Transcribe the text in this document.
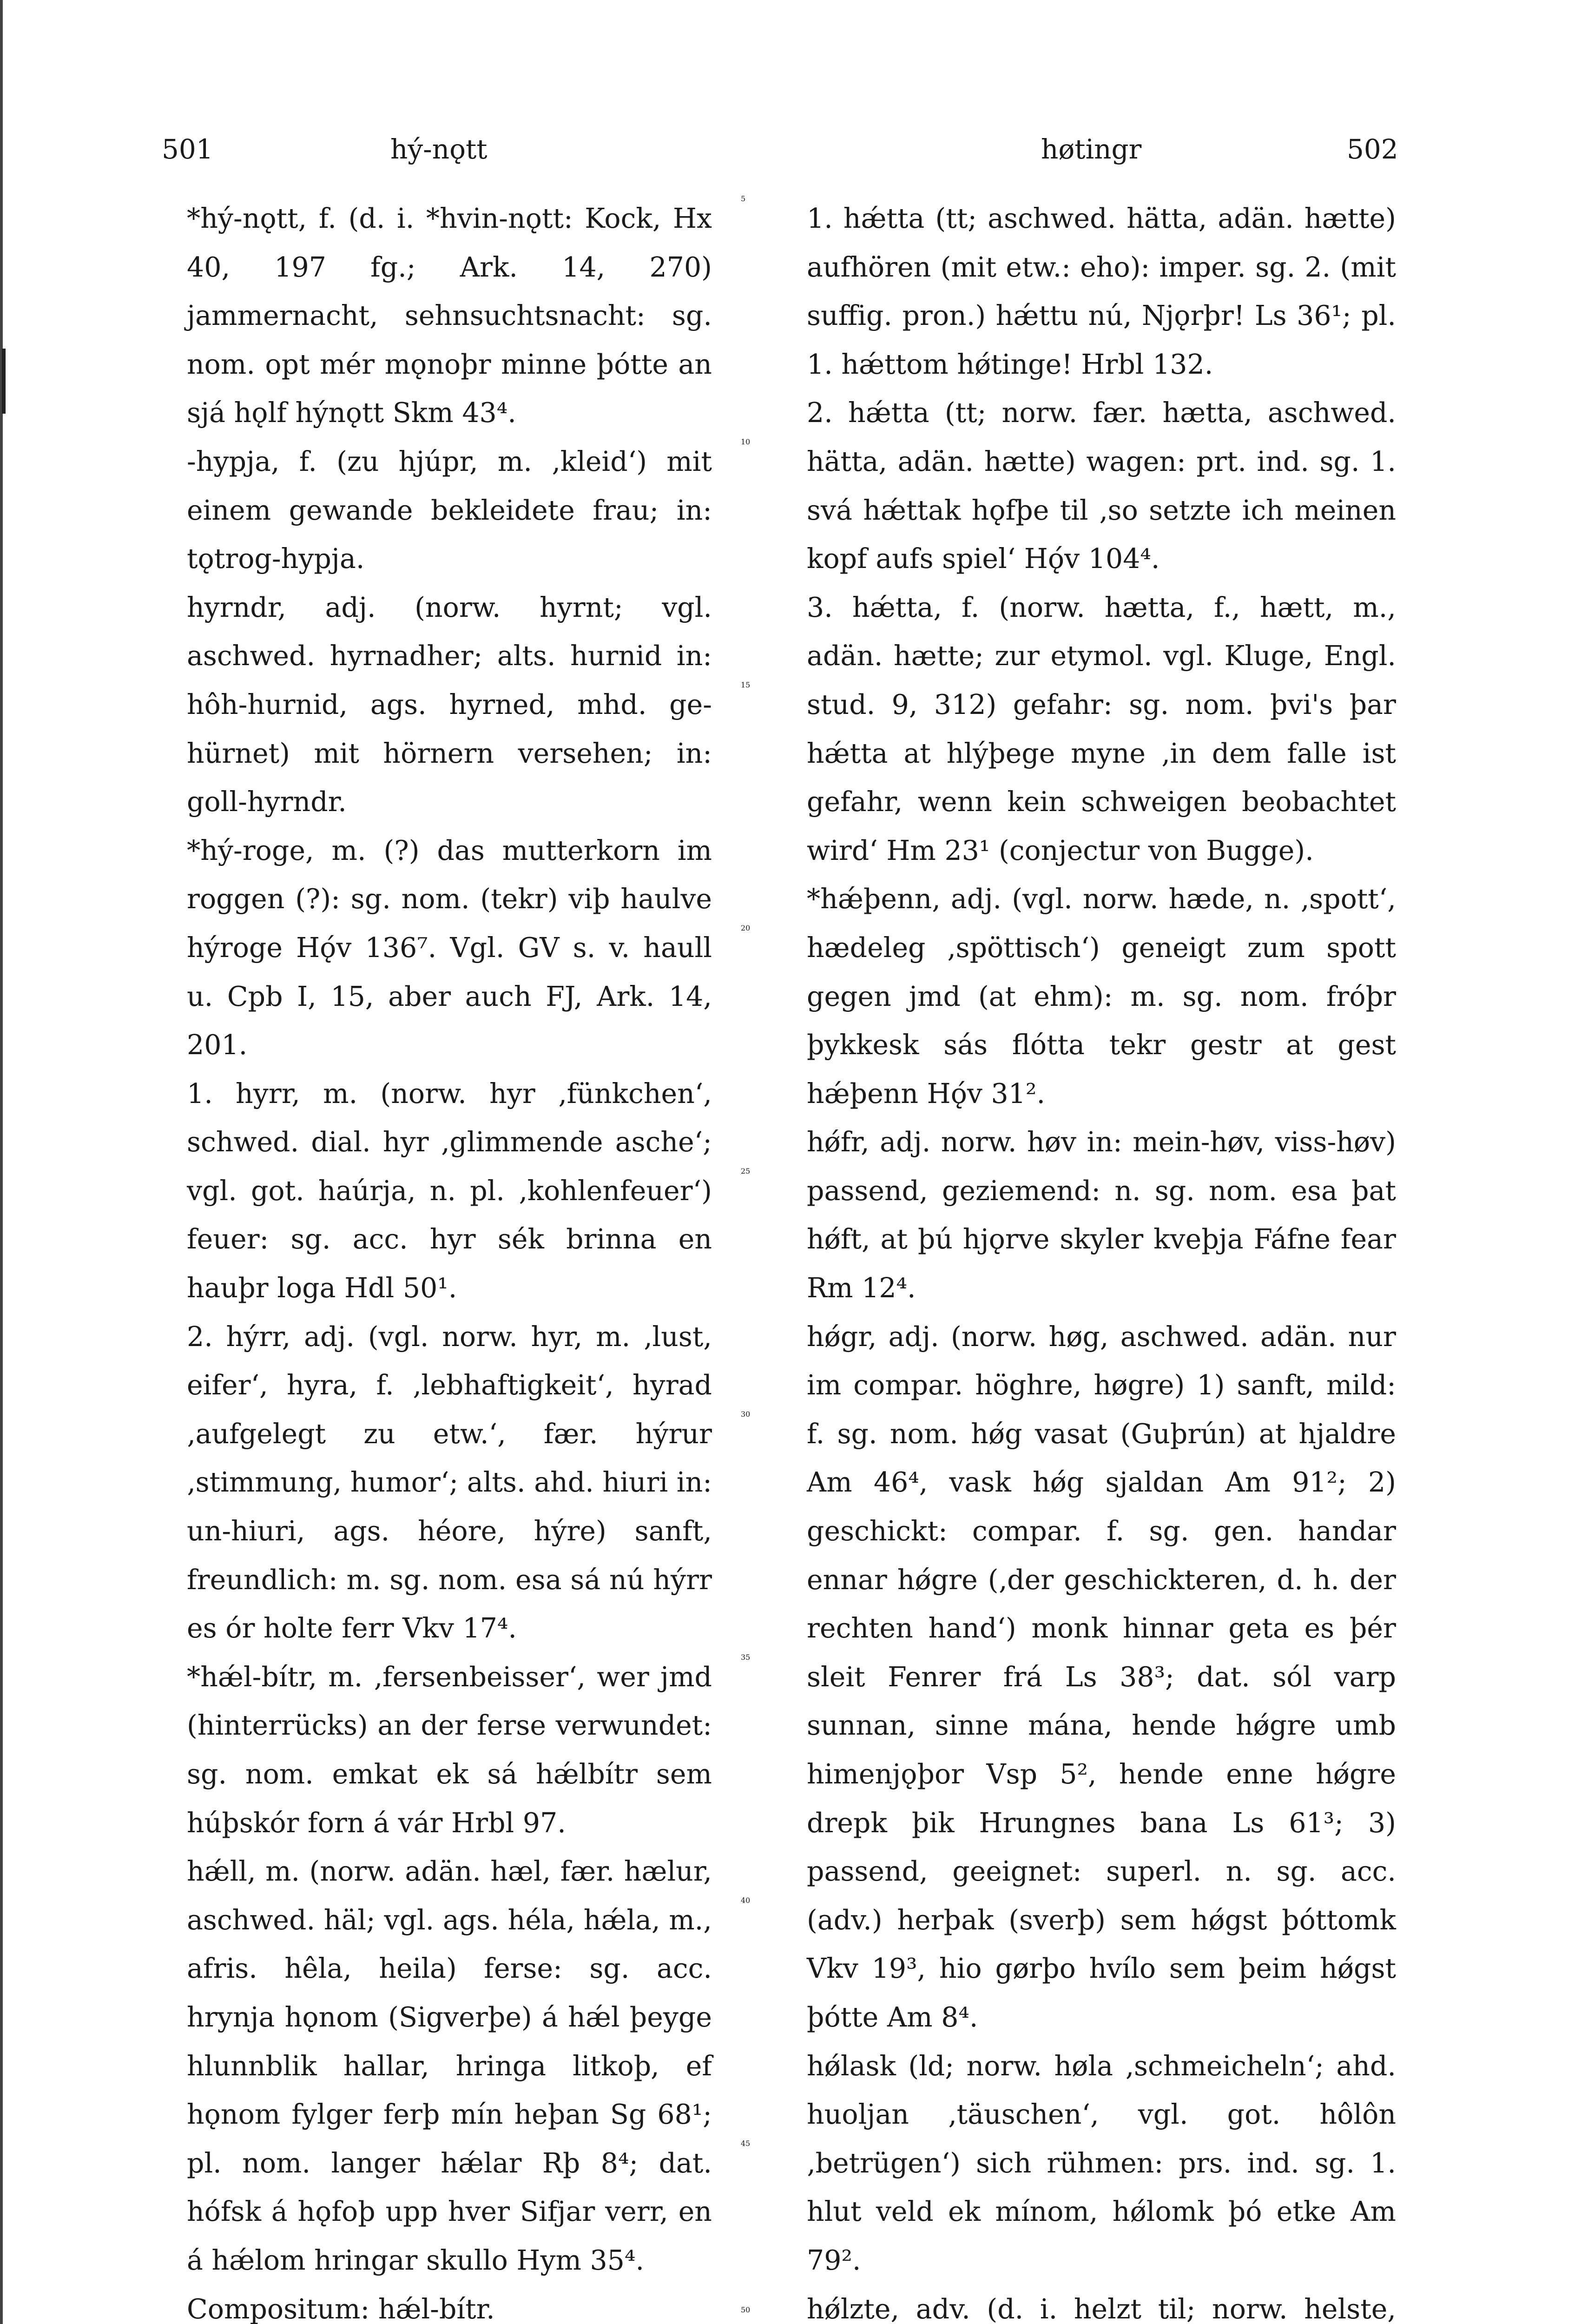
501	hý-nǫtt	høtingr	502

*hý-nǫtt, f. (d. i. *hvin-nǫtt: Kock, Hx 40, 197 fg.; Ark. 14, 270) jammernacht, sehnsuchtsnacht: sg. nom. opt mér mǫnoþr minne þótte an sjá hǫlf hýnǫtt Skm 43⁴.

-hypja, f. (zu hjúpr, m. ‚kleid‘) mit einem gewande bekleidete frau; in: tǫtrog-hypja.

hyrndr, adj. (norw. hyrnt; vgl. aschwed. hyrnadher; alts. hurnid in: hôh-hurnid, ags. hyrned, mhd. ge-hürnet) mit hörnern versehen; in: goll-hyrndr.

*hý-roge, m. (?) das mutterkorn im roggen (?): sg. nom. (tekr) viþ haulve hýroge Hǫ́v 136⁷. Vgl. GV s. v. haull u. Cpb I, 15, aber auch FJ, Ark. 14, 201.

1. hyrr, m. (norw. hyr ‚fünkchen‘, schwed. dial. hyr ‚glimmende asche‘; vgl. got. haúrja, n. pl. ‚kohlenfeuer‘) feuer: sg. acc. hyr sék brinna en hauþr loga Hdl 50¹.

2. hýrr, adj. (vgl. norw. hyr, m. ‚lust, eifer‘, hyra, f. ‚lebhaftigkeit‘, hyrad ‚aufgelegt zu etw.‘, fær. hýrur ‚stimmung, humor‘; alts. ahd. hiuri in: un-hiuri, ags. héore, hýre) sanft, freundlich: m. sg. nom. esa sá nú hýrr es ór holte ferr Vkv 17⁴.

*hǽl-bítr, m. ‚fersenbeisser‘, wer jmd (hinterrücks) an der ferse verwundet: sg. nom. emkat ek sá hǽlbítr sem húþskór forn á vár Hrbl 97.

hǽll, m. (norw. adän. hæl, fær. hælur, aschwed. häl; vgl. ags. héla, hǽla, m., afris. hêla, heila) ferse: sg. acc. hrynja hǫnom (Sigverþe) á hǽl þeyge hlunnblik hallar, hringa litkoþ, ef hǫnom fylger ferþ mín heþan Sg 68¹; pl. nom. langer hǽlar Rþ 8⁴; dat. hófsk á hǫfoþ upp hver Sifjar verr, en á hǽlom hringar skullo Hym 35⁴.

Compositum: hǽl-bítr.

1. hǽtta (tt; aschwed. hätta, adän. hætte) aufhören (mit etw.: eho): imper. sg. 2. (mit suffig. pron.) hǽttu nú, Njǫrþr! Ls 36¹; pl. 1. hǽttom hǿtinge! Hrbl 132.

2. hǽtta (tt; norw. fær. hætta, aschwed. hätta, adän. hætte) wagen: prt. ind. sg. 1. svá hǽttak hǫfþe til ‚so setzte ich meinen kopf aufs spiel‘ Hǫ́v 104⁴.

3. hǽtta, f. (norw. hætta, f., hætt, m., adän. hætte; zur etymol. vgl. Kluge, Engl. stud. 9, 312) gefahr: sg. nom. þvi's þar hǽtta at hlýþege myne ‚in dem falle ist gefahr, wenn kein schweigen beobachtet wird‘ Hm 23¹ (conjectur von Bugge).

*hǽþenn, adj. (vgl. norw. hæde, n. ‚spott‘, hædeleg ‚spöttisch‘) geneigt zum spott gegen jmd (at ehm): m. sg. nom. fróþr þykkesk sás flótta tekr gestr at gest hǽþenn Hǫ́v 31².

hǿfr, adj. norw. høv in: mein-høv, viss-høv) passend, geziemend: n. sg. nom. esa þat hǿft, at þú hjǫrve skyler kveþja Fáfne fear Rm 12⁴.

hǿgr, adj. (norw. høg, aschwed. adän. nur im compar. höghre, høgre) 1) sanft, mild: f. sg. nom. hǿg vasat (Guþrún) at hjaldre Am 46⁴, vask hǿg sjaldan Am 91²; 2) geschickt: compar. f. sg. gen. handar ennar hǿgre (‚der geschickteren, d. h. der rechten hand‘) monk hinnar geta es þér sleit Fenrer frá Ls 38³; dat. sól varp sunnan, sinne mána, hende hǿgre umb himenjǫþor Vsp 5², hende enne hǿgre drepk þik Hrungnes bana Ls 61³; 3) passend, geeignet: superl. n. sg. acc. (adv.) herþak (sverþ) sem hǿgst þóttomk Vkv 19³, hio gørþo hvílo sem þeim hǿgst þótte Am 8⁴.

hǿlask (ld; norw. høla ‚schmeicheln‘; ahd. huoljan ‚täuschen‘, vgl. got. hôlôn ‚betrügen‘) sich rühmen: prs. ind. sg. 1. hlut veld ek mínom, hǿlomk þó etke Am 79².

hǿlzte, adv. (d. i. helzt til; norw. helste,

5
10
15
20
25
30
35
40
45
50
